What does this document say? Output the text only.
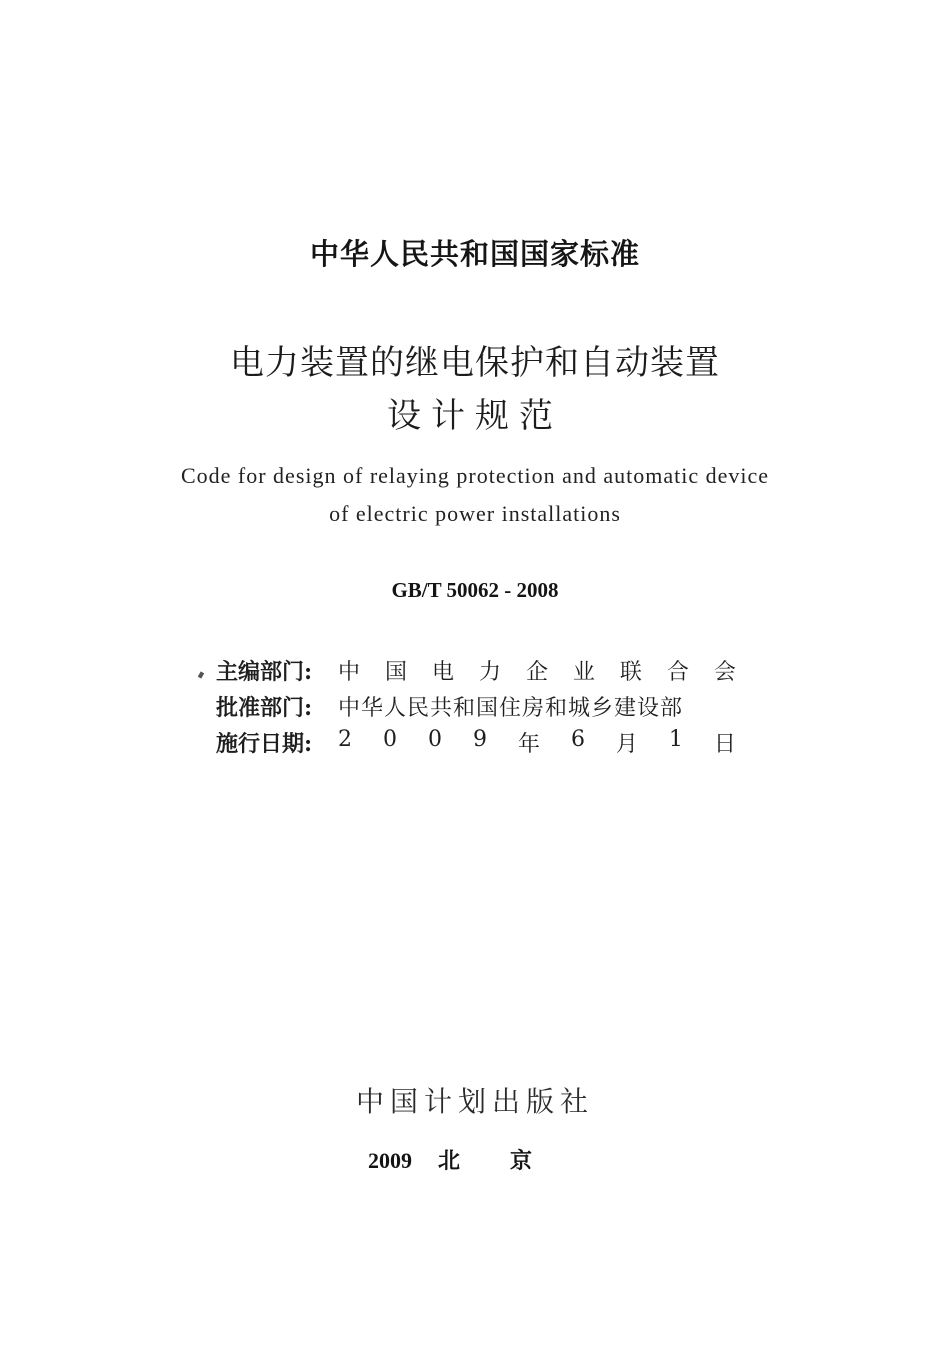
中华人民共和国国家标准
电力装置的继电保护和自动装置
设计规范
Code for design of relaying protection and automatic device
of electric power installations
GB/T 50062 - 2008
主编部门:	中 国 电 力 企 业 联 合 会
批准部门:	中华人民共和国住房和城乡建设部
施行日期:	2 0 0 9 年 6 月 1 日
中国计划出版社
2009 北京
